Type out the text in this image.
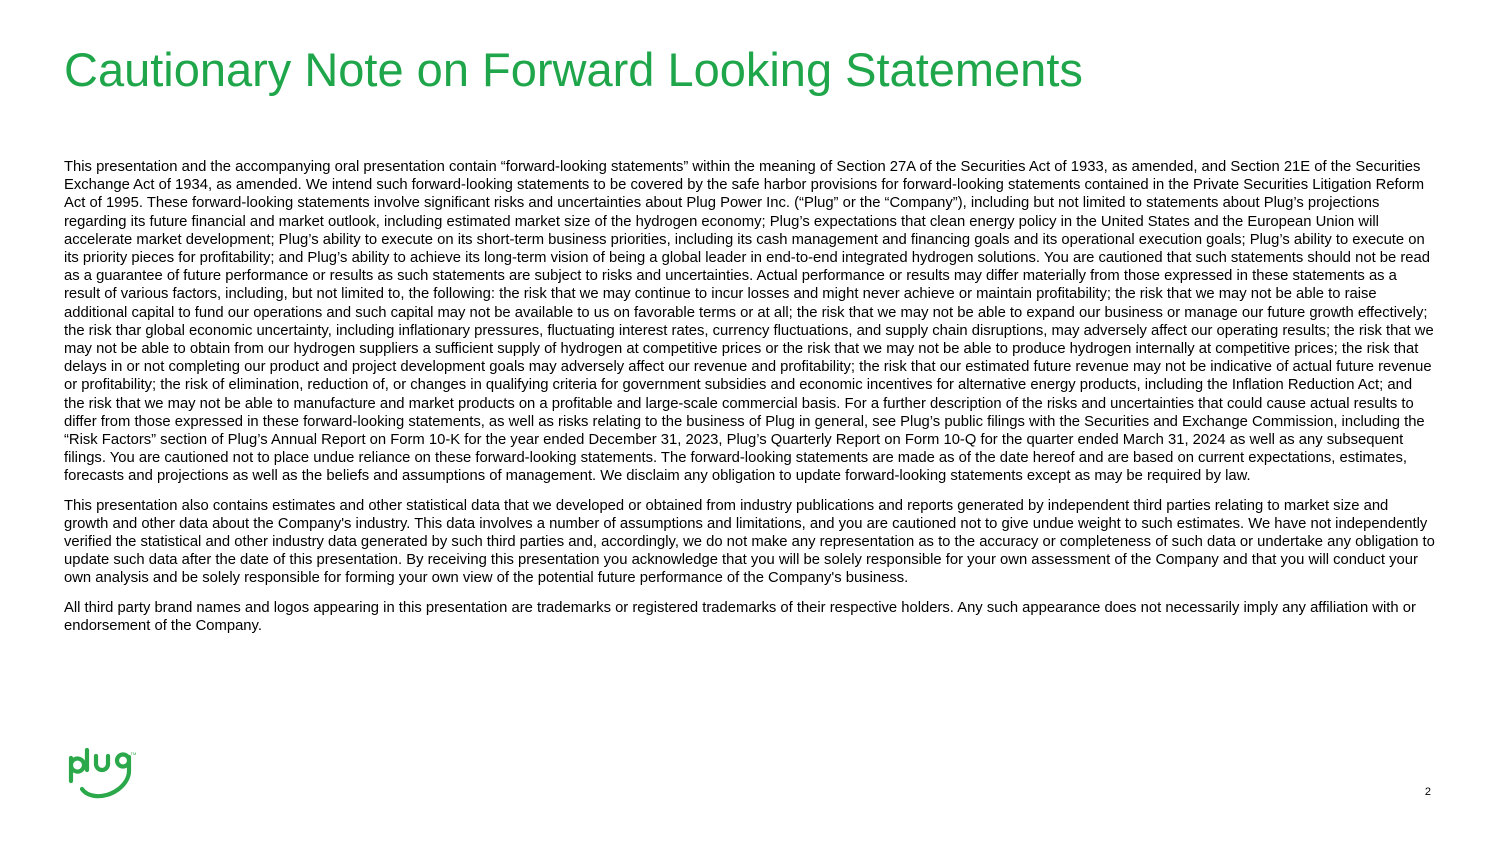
Cautionary Note on Forward Looking Statements

This presentation and the accompanying oral presentation contain “forward-looking statements” within the meaning of Section 27A of the Securities Act of 1933, as amended, and Section 21E of the Securities Exchange Act of 1934, as amended. We intend such forward-looking statements to be covered by the safe harbor provisions for forward-looking statements contained in the Private Securities Litigation Reform Act of 1995. These forward-looking statements involve significant risks and uncertainties about Plug Power Inc. (“Plug” or the “Company”), including but not limited to statements about Plug’s projections regarding its future financial and market outlook, including estimated market size of the hydrogen economy; Plug’s expectations that clean energy policy in the United States and the European Union will accelerate market development; Plug’s ability to execute on its short-term business priorities, including its cash management and financing goals and its operational execution goals; Plug’s ability to execute on its priority pieces for profitability; and Plug’s ability to achieve its long-term vision of being a global leader in end-to-end integrated hydrogen solutions. You are cautioned that such statements should not be read as a guarantee of future performance or results as such statements are subject to risks and uncertainties. Actual performance or results may differ materially from those expressed in these statements as a result of various factors, including, but not limited to, the following: the risk that we may continue to incur losses and might never achieve or maintain profitability; the risk that we may not be able to raise additional capital to fund our operations and such capital may not be available to us on favorable terms or at all; the risk that we may not be able to expand our business or manage our future growth effectively; the risk thar global economic uncertainty, including inflationary pressures, fluctuating interest rates, currency fluctuations, and supply chain disruptions, may adversely affect our operating results; the risk that we may not be able to obtain from our hydrogen suppliers a sufficient supply of hydrogen at competitive prices or the risk that we may not be able to produce hydrogen internally at competitive prices; the risk that delays in or not completing our product and project development goals may adversely affect our revenue and profitability; the risk that our estimated future revenue may not be indicative of actual future revenue or profitability; the risk of elimination, reduction of, or changes in qualifying criteria for government subsidies and economic incentives for alternative energy products, including the Inflation Reduction Act; and the risk that we may not be able to manufacture and market products on a profitable and large-scale commercial basis. For a further description of the risks and uncertainties that could cause actual results to differ from those expressed in these forward-looking statements, as well as risks relating to the business of Plug in general, see Plug’s public filings with the Securities and Exchange Commission, including the “Risk Factors” section of Plug’s Annual Report on Form 10-K for the year ended December 31, 2023, Plug’s Quarterly Report on Form 10-Q for the quarter ended March 31, 2024 as well as any subsequent filings. You are cautioned not to place undue reliance on these forward-looking statements. The forward-looking statements are made as of the date hereof and are based on current expectations, estimates, forecasts and projections as well as the beliefs and assumptions of management. We disclaim any obligation to update forward-looking statements except as may be required by law.

This presentation also contains estimates and other statistical data that we developed or obtained from industry publications and reports generated by independent third parties relating to market size and growth and other data about the Company's industry. This data involves a number of assumptions and limitations, and you are cautioned not to give undue weight to such estimates. We have not independently verified the statistical and other industry data generated by such third parties and, accordingly, we do not make any representation as to the accuracy or completeness of such data or undertake any obligation to update such data after the date of this presentation. By receiving this presentation you acknowledge that you will be solely responsible for your own assessment of the Company and that you will conduct your own analysis and be solely responsible for forming your own view of the potential future performance of the Company's business.

All third party brand names and logos appearing in this presentation are trademarks or registered trademarks of their respective holders. Any such appearance does not necessarily imply any affiliation with or endorsement of the Company.

TM
2
